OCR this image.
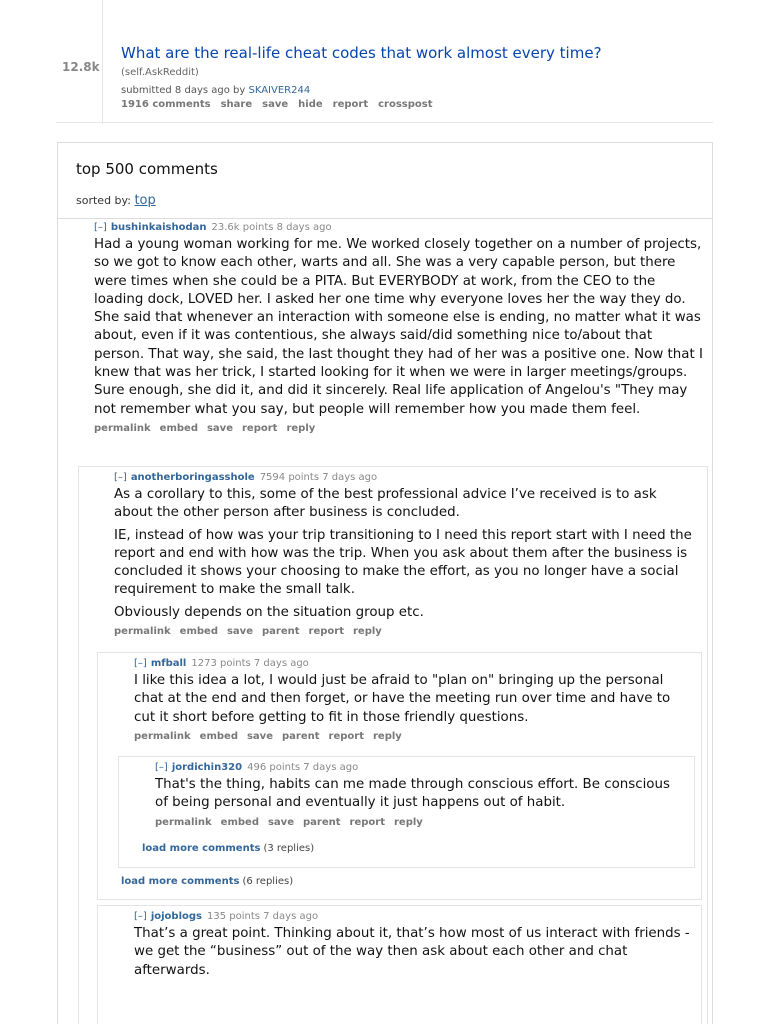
12.8k
What are the real-life cheat codes that work almost every time?
(self.AskReddit)
submitted 8 days ago by SKAIVER244
1916 comments share save hide report crosspost
top 500 comments
sorted by: top
[–] bushinkaishodan 23.6k points 8 days ago

Had a young woman working for me. We worked closely together on a number of projects, so we got to know each other, warts and all. She was a very capable person, but there were times when she could be a PITA. But EVERYBODY at work, from the CEO to the loading dock, LOVED her. I asked her one time why everyone loves her the way they do. She said that whenever an interaction with someone else is ending, no matter what it was about, even if it was contentious, she always said/did something nice to/about that person. That way, she said, the last thought they had of her was a positive one. Now that I knew that was her trick, I started looking for it when we were in larger meetings/groups. Sure enough, she did it, and did it sincerely. Real life application of Angelou's "They may not remember what you say, but people will remember how you made them feel.

permalink embed save report reply
[–] anotherboringasshole 7594 points 7 days ago

As a corollary to this, some of the best professional advice I’ve received is to ask about the other person after business is concluded.

IE, instead of how was your trip transitioning to I need this report start with I need the report and end with how was the trip. When you ask about them after the business is concluded it shows your choosing to make the effort, as you no longer have a social requirement to make the small talk.

Obviously depends on the situation group etc.

permalink embed save parent report reply
[–] mfball 1273 points 7 days ago

I like this idea a lot, I would just be afraid to "plan on" bringing up the personal chat at the end and then forget, or have the meeting run over time and have to cut it short before getting to fit in those friendly questions.

permalink embed save parent report reply
[–] jordichin320 496 points 7 days ago

That's the thing, habits can me made through conscious effort. Be conscious of being personal and eventually it just happens out of habit.

permalink embed save parent report reply
load more comments (3 replies)
load more comments (6 replies)
[–] jojoblogs 135 points 7 days ago

That’s a great point. Thinking about it, that’s how most of us interact with friends - we get the “business” out of the way then ask about each other and chat afterwards.
